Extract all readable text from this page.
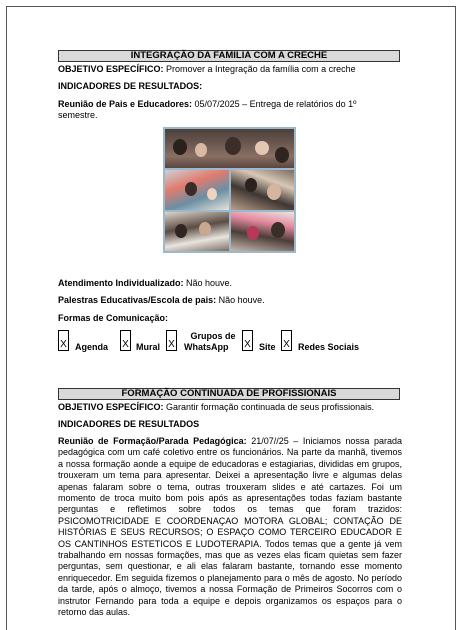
INTEGRAÇÃO DA FAMILIA COM A CRECHE
OBJETIVO ESPECÍFICO: Promover a Integração da família com a creche
INDICADORES DE RESULTADOS:
Reunião de Pais e Educadores: 05/07/2025 – Entrega de relatórios do 1º
semestre.
Atendimento Individualizado: Não houve.
Palestras Educativas/Escola de pais: Não houve.
Formas de Comunicação:
X Agenda X Mural X
Grupos de
WhatsApp X Site X Redes Sociais
FORMAÇÃO CONTINUADA DE PROFISSIONAIS
OBJETIVO ESPECÍFICO: Garantir formação continuada de seus profissionais.
INDICADORES DE RESULTADOS
Reunião de Formação/Parada Pedagógica: 21/07//25 – Iniciamos nossa parada pedagógica com um café coletivo entre os funcionários. Na parte da manhã, tivemos a nossa formação aonde a equipe de educadoras e estagiarias, divididas em grupos, trouxeram um tema para apresentar. Deixei a apresentação livre e algumas delas apenas falaram sobre o tema, outras trouxeram slides e até cartazes. Foi um momento de troca muito bom pois após as apresentações todas faziam bastante perguntas e refletimos sobre todos os temas que foram trazidos: PSICOMOTRICIDADE E COORDENAÇAO MOTORA GLOBAL; CONTAÇÃO DE HISTÓRIAS E SEUS RECURSOS; O ESPAÇO COMO TERCEIRO EDUCADOR E OS CANTINHOS ESTETICOS E LUDOTERAPIA. Todos temas que a gente já vem trabalhando em nossas formações, mas que as vezes elas ficam quietas sem fazer perguntas, sem questionar, e ali elas falaram bastante, tornando esse momento enriquecedor. Em seguida fizemos o planejamento para o mês de agosto. No período da tarde, após o almoço, tivemos a nossa Formação de Primeiros Socorros com o instrutor Fernando para toda a equipe e depois organizamos os espaços para o retorno das aulas.
